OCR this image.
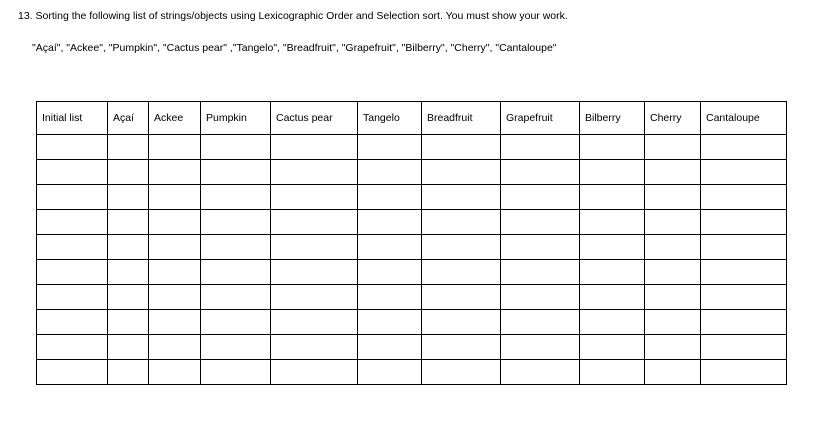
13. Sorting the following list of strings/objects using Lexicographic Order and Selection sort. You must show your work.
"Açaí", "Ackee", "Pumpkin", "Cactus pear" ,"Tangelo", "Breadfruit", "Grapefruit", "Bilberry", "Cherry", "Cantaloupe"
Initial list	Açaí	Ackee	Pumpkin	Cactus pear	Tangelo	Breadfruit	Grapefruit	Bilberry	Cherry	Cantaloupe
